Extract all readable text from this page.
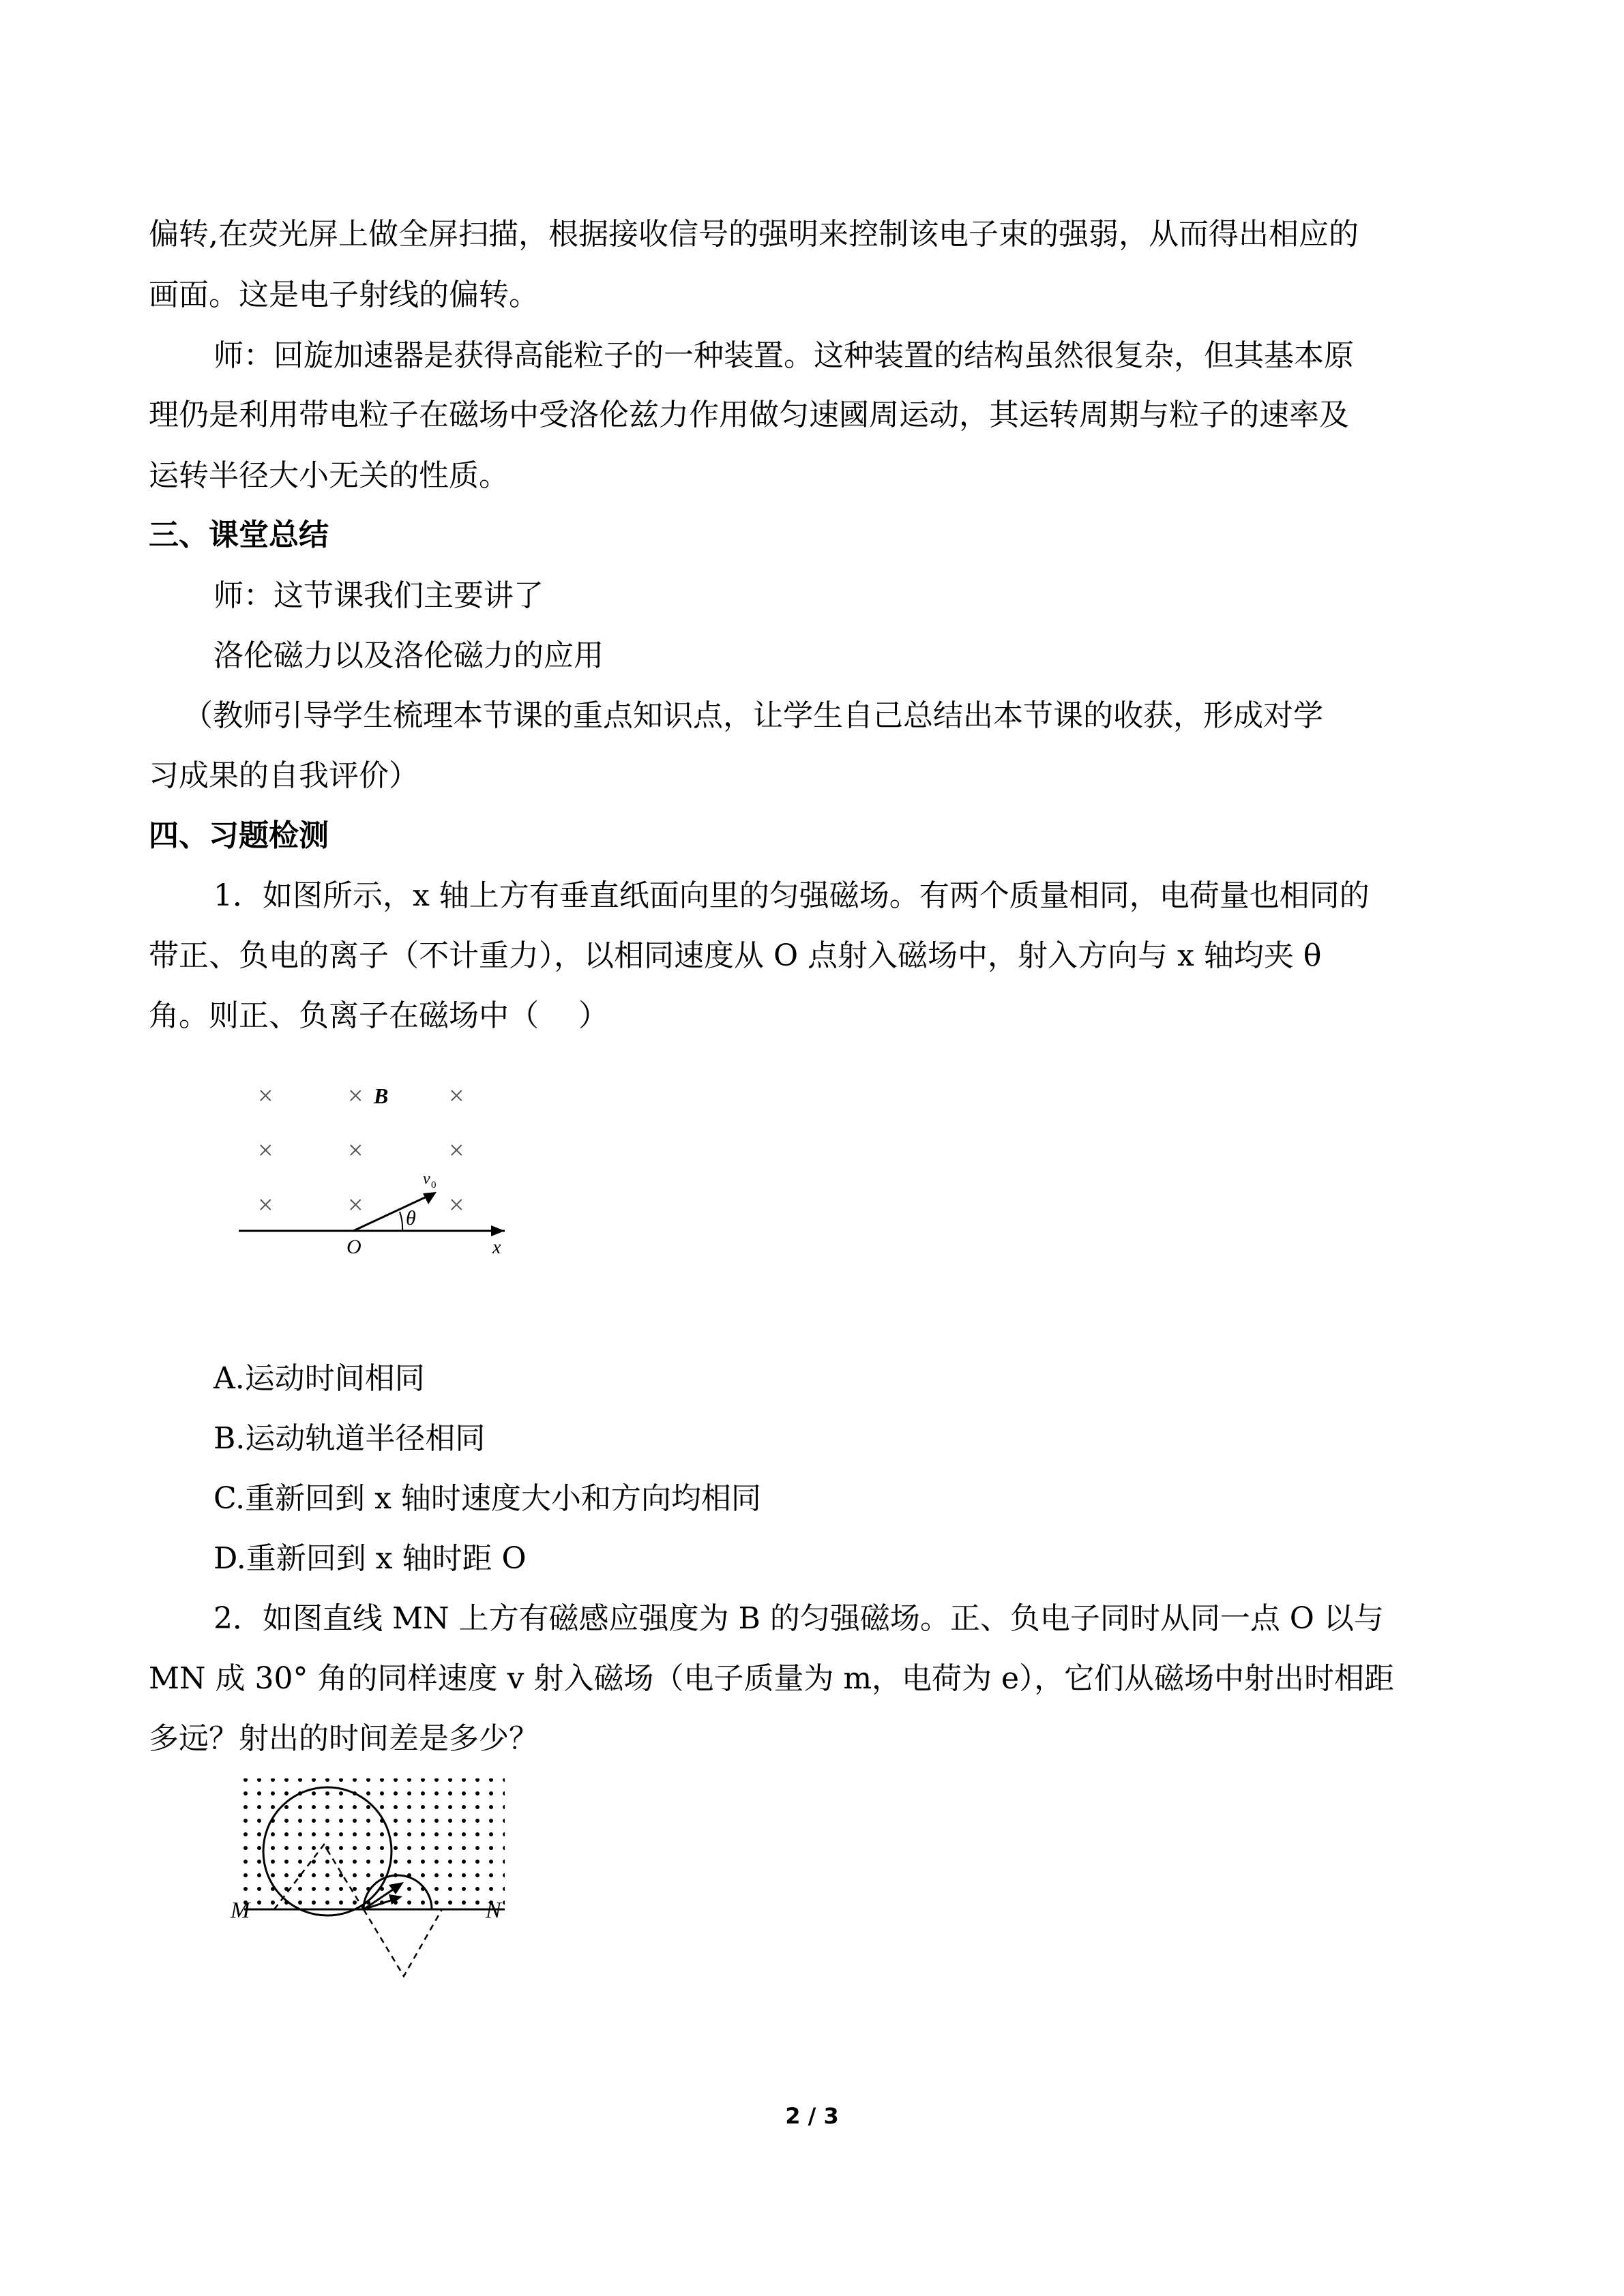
偏转,在荧光屏上做全屏扫描，根据接收信号的强明来控制该电子束的强弱，从而得出相应的
画面。这是电子射线的偏转。
师：回旋加速器是获得高能粒子的一种装置。这种装置的结构虽然很复杂，但其基本原
理仍是利用带电粒子在磁场中受洛伦兹力作用做匀速國周运动，其运转周期与粒子的速率及
运转半径大小无关的性质。
三、课堂总结
师：这节课我们主要讲了
洛伦磁力以及洛伦磁力的应用
（教师引导学生梳理本节课的重点知识点，让学生自己总结出本节课的收获，形成对学
习成果的自我评价）
四、习题检测
1．如图所示，x 轴上方有垂直纸面向里的匀强磁场。有两个质量相同，电荷量也相同的
带正、负电的离子（不计重力），以相同速度从 O 点射入磁场中，射入方向与 x 轴均夹 θ
角。则正、负离子在磁场中（　 ）
×	×	×
×	×	×
×	×	×
B
x
O
v 0
θ
A.运动时间相同
B.运动轨道半径相同
C.重新回到 x 轴时速度大小和方向均相同
D.重新回到 x 轴时距 O
2．如图直线 MN 上方有磁感应强度为 B 的匀强磁场。正、负电子同时从同一点 O 以与
MN 成 30° 角的同样速度 v 射入磁场（电子质量为 m，电荷为 e），它们从磁场中射出时相距
多远？射出的时间差是多少？
M	N
2 / 3
